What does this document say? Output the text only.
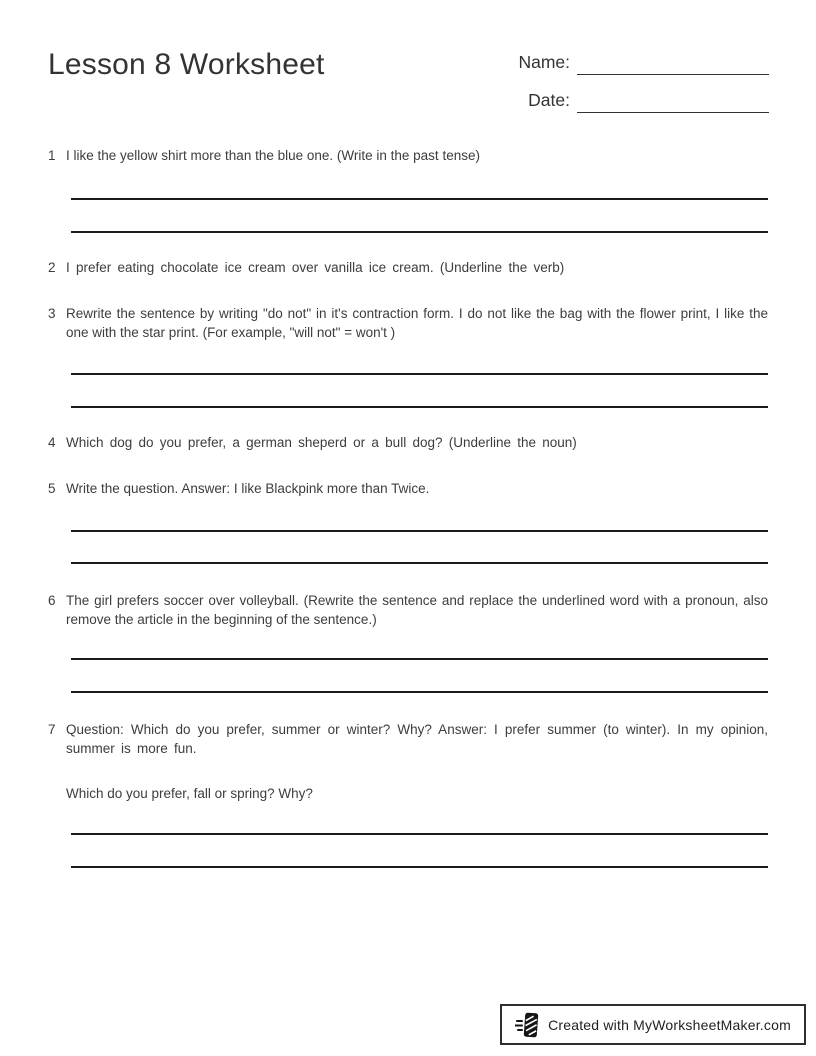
Lesson 8 Worksheet	Name:
Date:
1 I like the yellow shirt more than the blue one. (Write in the past tense)
2 I prefer eating chocolate ice cream over vanilla ice cream. (Underline the verb)
3 Rewrite the sentence by writing "do not" in it's contraction form. I do not like the bag with the flower print, I like the one with the star print. (For example, "will not" = won't )
4 Which dog do you prefer, a german sheperd or a bull dog? (Underline the noun)
5 Write the question. Answer: I like Blackpink more than Twice.
6 The girl prefers soccer over volleyball. (Rewrite the sentence and replace the underlined word with a pronoun, also remove the article in the beginning of the sentence.)
7 Question: Which do you prefer, summer or winter? Why? Answer: I prefer summer (to winter). In my opinion, summer is more fun.
Which do you prefer, fall or spring? Why?
Created with MyWorksheetMaker.com
